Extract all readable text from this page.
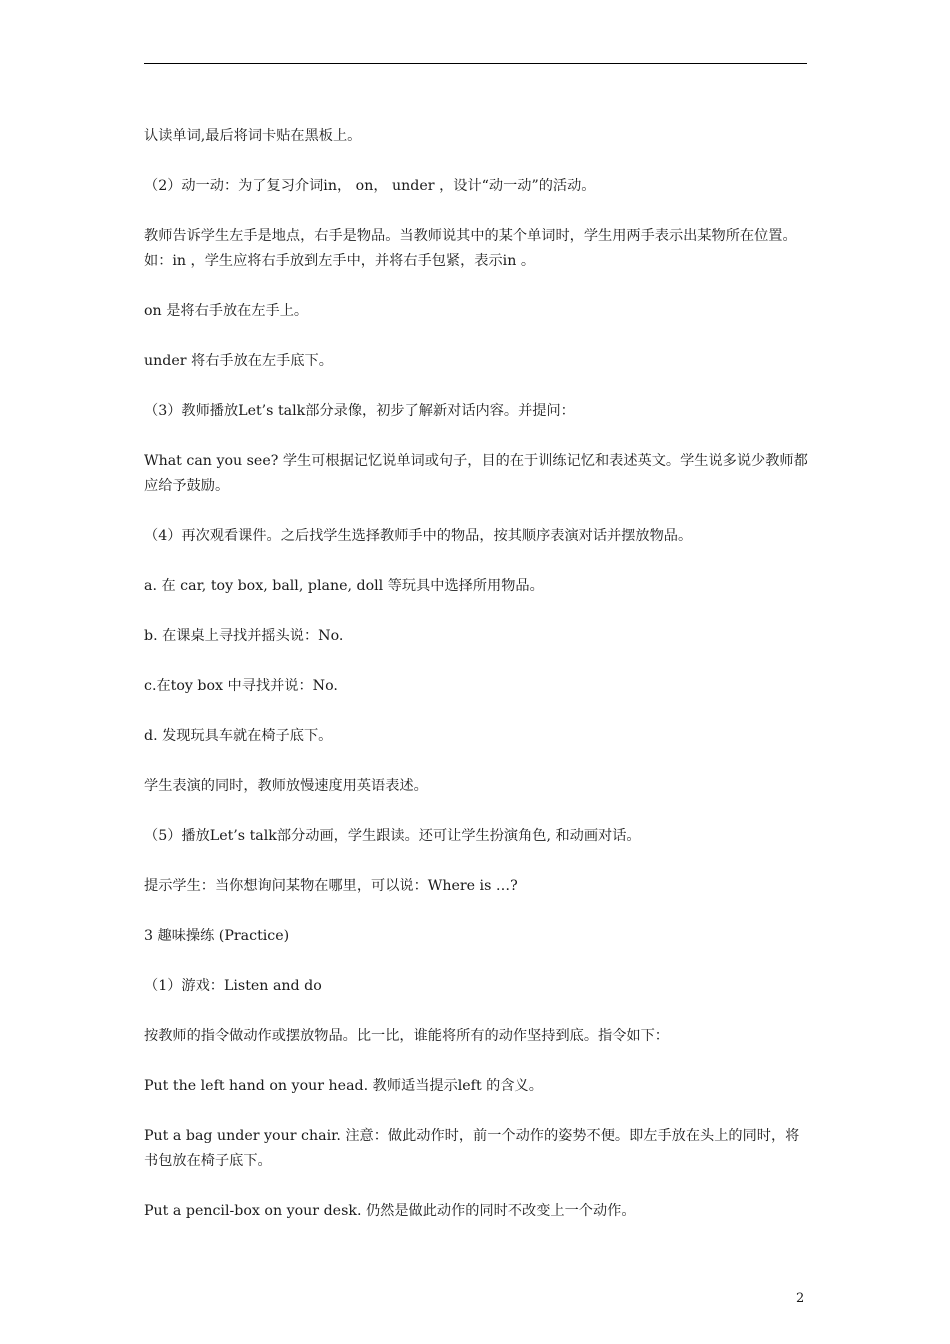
认读单词,最后将词卡贴在黑板上。

（2）动一动：为了复习介词in， on， under ，设计“动一动”的活动。

教师告诉学生左手是地点，右手是物品。当教师说其中的某个单词时，学生用两手表示出某物所在位置。如：in ，学生应将右手放到左手中，并将右手包紧，表示in 。

on 是将右手放在左手上。

under 将右手放在左手底下。

（3）教师播放Let’s talk部分录像，初步了解新对话内容。并提问：

What can you see? 学生可根据记忆说单词或句子，目的在于训练记忆和表述英文。学生说多说少教师都应给予鼓励。

（4）再次观看课件。之后找学生选择教师手中的物品，按其顺序表演对话并摆放物品。

a. 在 car, toy box, ball, plane, doll 等玩具中选择所用物品。

b. 在课桌上寻找并摇头说：No.

c.在toy box 中寻找并说：No.

d. 发现玩具车就在椅子底下。

学生表演的同时，教师放慢速度用英语表述。

（5）播放Let’s talk部分动画，学生跟读。还可让学生扮演角色, 和动画对话。

提示学生：当你想询问某物在哪里，可以说：Where is …?

3 趣味操练 (Practice)

（1）游戏：Listen and do

按教师的指令做动作或摆放物品。比一比，谁能将所有的动作坚持到底。指令如下：

Put the left hand on your head. 教师适当提示left 的含义。

Put a bag under your chair. 注意：做此动作时，前一个动作的姿势不便。即左手放在头上的同时，将书包放在椅子底下。

Put a pencil-box on your desk. 仍然是做此动作的同时不改变上一个动作。

2
